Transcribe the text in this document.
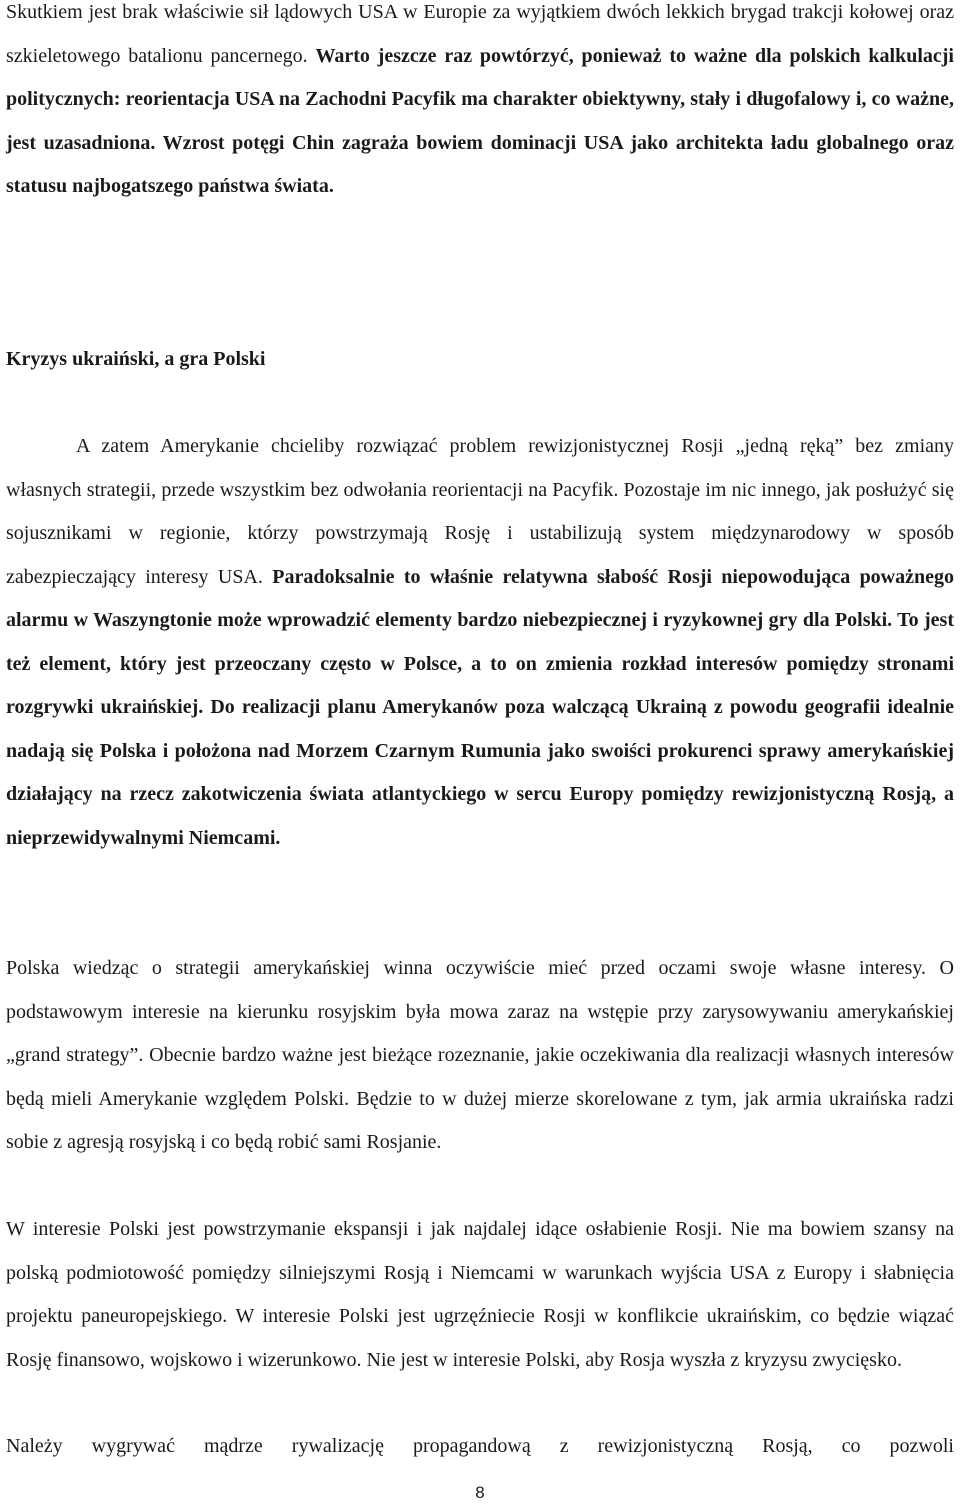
Skutkiem jest brak właściwie sił lądowych USA w Europie za wyjątkiem dwóch lekkich brygad trakcji kołowej oraz szkieletowego batalionu pancernego. Warto jeszcze raz powtórzyć, ponieważ to ważne dla polskich kalkulacji politycznych: reorientacja USA na Zachodni Pacyfik ma charakter obiektywny, stały i długofalowy i, co ważne, jest uzasadniona. Wzrost potęgi Chin zagraża bowiem dominacji USA jako architekta ładu globalnego oraz statusu najbogatszego państwa świata.

Kryzys ukraiński, a gra Polski

A zatem Amerykanie chcieliby rozwiązać problem rewizjonistycznej Rosji „jedną ręką” bez zmiany własnych strategii, przede wszystkim bez odwołania reorientacji na Pacyfik. Pozostaje im nic innego, jak posłużyć się sojusznikami w regionie, którzy powstrzymają Rosję i ustabilizują system międzynarodowy w sposób zabezpieczający interesy USA. Paradoksalnie to właśnie relatywna słabość Rosji niepowodująca poważnego alarmu w Waszyngtonie może wprowadzić elementy bardzo niebezpiecznej i ryzykownej gry dla Polski. To jest też element, który jest przeoczany często w Polsce, a to on zmienia rozkład interesów pomiędzy stronami rozgrywki ukraińskiej. Do realizacji planu Amerykanów poza walczącą Ukrainą z powodu geografii idealnie nadają się Polska i położona nad Morzem Czarnym Rumunia jako swoiści prokurenci sprawy amerykańskiej działający na rzecz zakotwiczenia świata atlantyckiego w sercu Europy pomiędzy rewizjonistyczną Rosją, a nieprzewidywalnymi Niemcami.

Polska wiedząc o strategii amerykańskiej winna oczywiście mieć przed oczami swoje własne interesy. O podstawowym interesie na kierunku rosyjskim była mowa zaraz na wstępie przy zarysowywaniu amerykańskiej „grand strategy”. Obecnie bardzo ważne jest bieżące rozeznanie, jakie oczekiwania dla realizacji własnych interesów będą mieli Amerykanie względem Polski. Będzie to w dużej mierze skorelowane z tym, jak armia ukraińska radzi sobie z agresją rosyjską i co będą robić sami Rosjanie.

W interesie Polski jest powstrzymanie ekspansji i jak najdalej idące osłabienie Rosji. Nie ma bowiem szansy na polską podmiotowość pomiędzy silniejszymi Rosją i Niemcami w warunkach wyjścia USA z Europy i słabnięcia projektu paneuropejskiego. W interesie Polski jest ugrzęźniecie Rosji w konflikcie ukraińskim, co będzie wiązać Rosję finansowo, wojskowo i wizerunkowo. Nie jest w interesie Polski, aby Rosja wyszła z kryzysu zwycięsko.

Należy wygrywać mądrze rywalizację propagandową z rewizjonistyczną Rosją, co pozwoli

8
